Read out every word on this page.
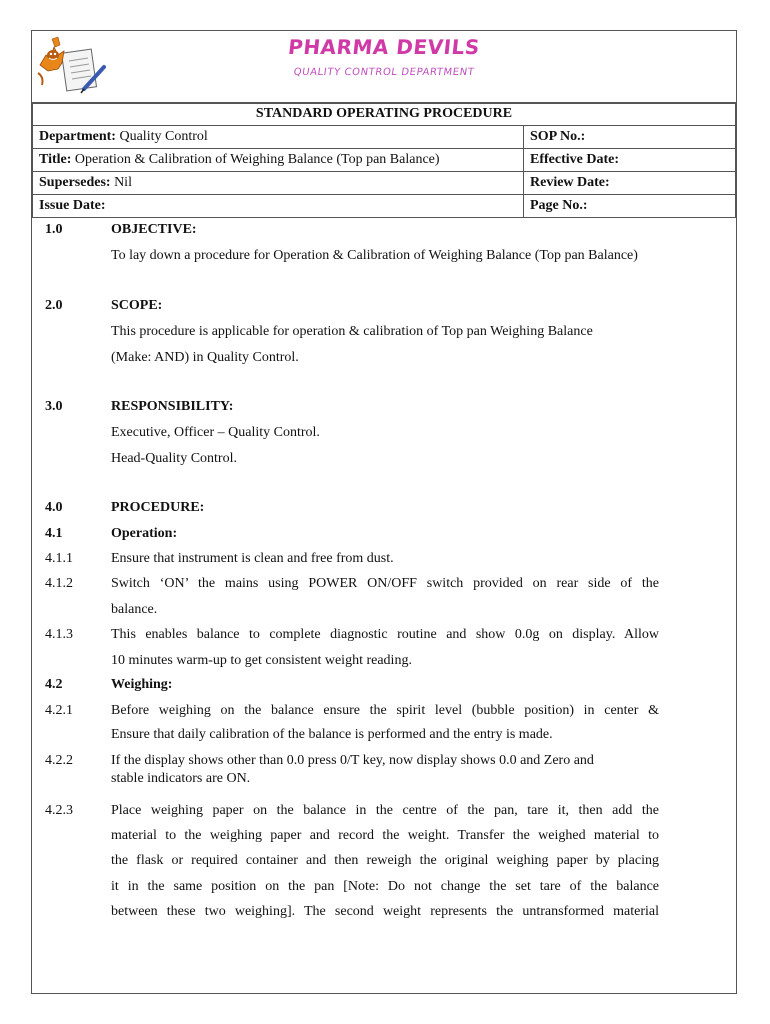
PHARMA DEVILS
QUALITY CONTROL DEPARTMENT
STANDARD OPERATING PROCEDURE	
Department: Quality Control	SOP No.:
Title: Operation & Calibration of Weighing Balance (Top pan Balance)	Effective Date:
Supersedes: Nil	Review Date:
Issue Date:	Page No.:
1.0	OBJECTIVE:
To lay down a procedure for Operation & Calibration of Weighing Balance (Top pan Balance)
2.0	SCOPE:
This procedure is applicable for operation & calibration of Top pan Weighing Balance
(Make: AND) in Quality Control.
3.0	RESPONSIBILITY:
Executive, Officer – Quality Control.
Head-Quality Control.
4.0	PROCEDURE:
4.1	Operation:
4.1.1	Ensure that instrument is clean and free from dust.
4.1.2	Switch ‘ON’ the mains using POWER ON/OFF switch provided on rear side of the
balance.
4.1.3	This enables balance to complete diagnostic routine and show 0.0g on display. Allow
10 minutes warm-up to get consistent weight reading.
4.2	Weighing:
4.2.1	Before weighing on the balance ensure the spirit level (bubble position) in center &
Ensure that daily calibration of the balance is performed and the entry is made.
4.2.2	If the display shows other than 0.0 press 0/T key, now display shows 0.0 and Zero and
stable indicators are ON.
4.2.3	Place weighing paper on the balance in the centre of the pan, tare it, then add the
material to the weighing paper and record the weight. Transfer the weighed material to
the flask or required container and then reweigh the original weighing paper by placing
it in the same position on the pan [Note: Do not change the set tare of the balance
between these two weighing]. The second weight represents the untransformed material
